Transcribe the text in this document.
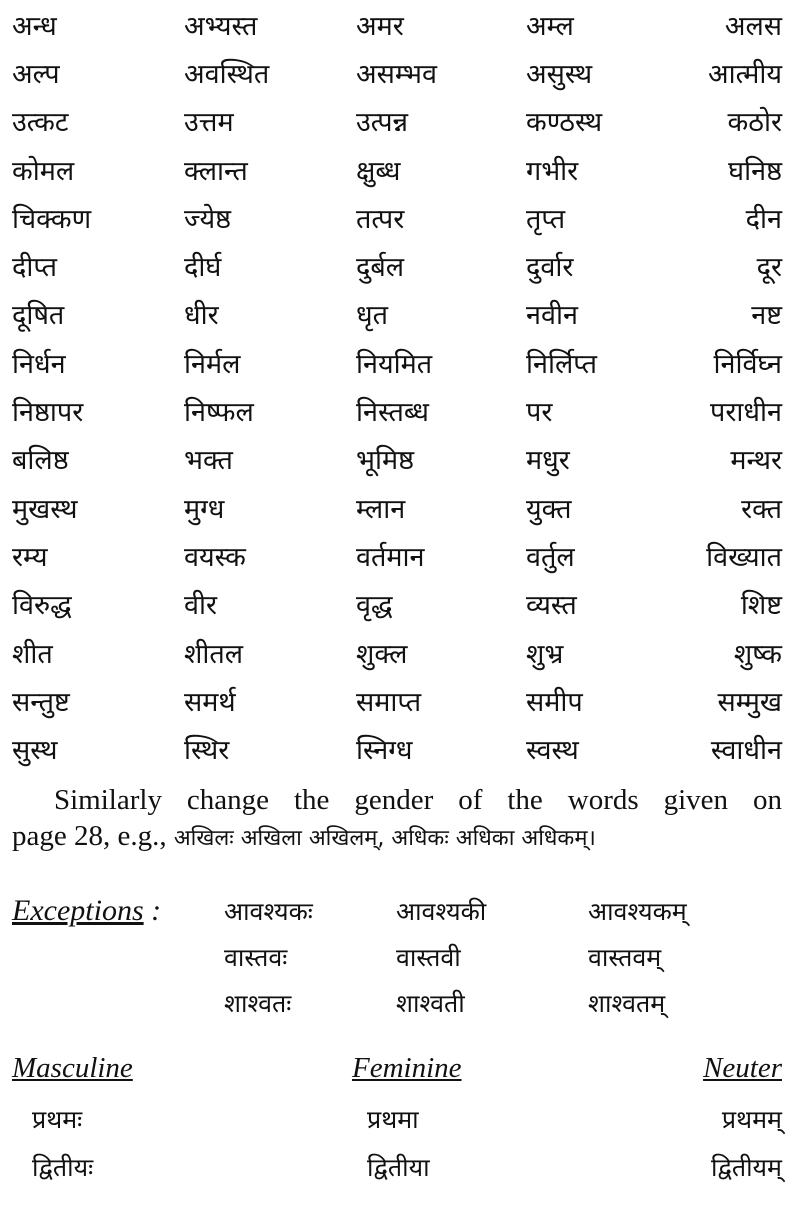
अन्ध	अभ्यस्त	अमर	अम्ल	अलस
अल्प	अवस्थित	असम्भव	असुस्थ	आत्मीय
उत्कट	उत्तम	उत्पन्न	कण्ठस्थ	कठोर
कोमल	क्लान्त	क्षुब्ध	गभीर	घनिष्ठ
चिक्कण	ज्येष्ठ	तत्पर	तृप्त	दीन
दीप्त	दीर्घ	दुर्बल	दुर्वार	दूर
दूषित	धीर	धृत	नवीन	नष्ट
निर्धन	निर्मल	नियमित	निर्लिप्त	निर्विघ्न
निष्ठापर	निष्फल	निस्तब्ध	पर	पराधीन
बलिष्ठ	भक्त	भूमिष्ठ	मधुर	मन्थर
मुखस्थ	मुग्ध	म्लान	युक्त	रक्त
रम्य	वयस्क	वर्तमान	वर्तुल	विख्यात
विरुद्ध	वीर	वृद्ध	व्यस्त	शिष्ट
शीत	शीतल	शुक्ल	शुभ्र	शुष्क
सन्तुष्ट	समर्थ	समाप्त	समीप	सम्मुख
सुस्थ	स्थिर	स्निग्ध	स्वस्थ	स्वाधीन
Similarly change the gender of the words given on
page 28, e.g., अखिलः अखिला अखिलम्, अधिकः अधिका अधिकम्।
Exceptions :	आवश्यकः	आवश्यकी	आवश्यकम्
वास्तवः	वास्तवी	वास्तवम्
शाश्वतः	शाश्वती	शाश्वतम्
Masculine	Feminine	Neuter
प्रथमः	प्रथमा	प्रथमम्
द्वितीयः	द्वितीया	द्वितीयम्
